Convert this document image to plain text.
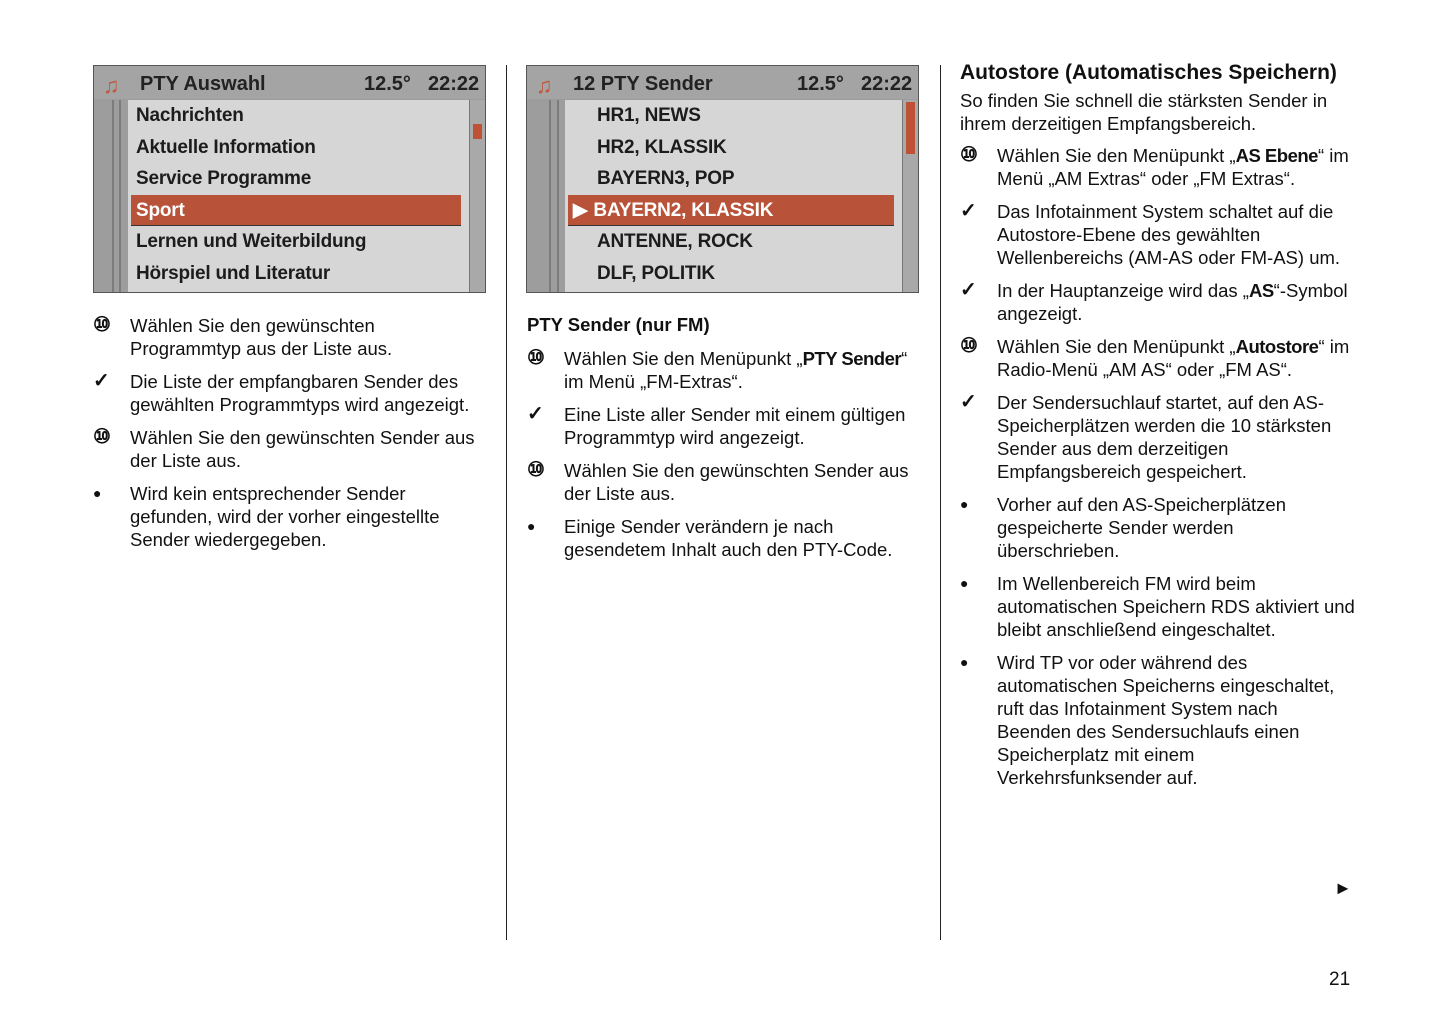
♫ PTY Auswahl	12.5° 22:22
Nachrichten
Aktuelle Information
Service Programme
Sport
Lernen und Weiterbildung
Hörspiel und Literatur
♫ 12 PTY Sender	12.5° 22:22
HR1, NEWS
HR2, KLASSIK
BAYERN3, POP
▶ BAYERN2, KLASSIK
ANTENNE, ROCK
DLF, POLITIK
⑩ Wählen Sie den gewünschten Programmtyp aus der Liste aus.
✓ Die Liste der empfangbaren Sender des gewählten Programmtyps wird angezeigt.
⑩ Wählen Sie den gewünschten Sender aus der Liste aus.
● Wird kein entsprechender Sender gefunden, wird der vorher eingestellte Sender wiedergegeben.
PTY Sender (nur FM)
⑩ Wählen Sie den Menüpunkt „PTY Sender“ im Menü „FM-Extras“.
✓ Eine Liste aller Sender mit einem gültigen Programmtyp wird angezeigt.
⑩ Wählen Sie den gewünschten Sender aus der Liste aus.
● Einige Sender verändern je nach gesendetem Inhalt auch den PTY-Code.
Autostore (Automatisches Speichern)
So finden Sie schnell die stärksten Sender in ihrem derzeitigen Empfangsbereich.
⑩ Wählen Sie den Menüpunkt „AS Ebene“ im Menü „AM Extras“ oder „FM Extras“.
✓ Das Infotainment System schaltet auf die Autostore-Ebene des gewählten Wellenbereichs (AM-AS oder FM-AS) um.
✓ In der Hauptanzeige wird das „AS“-Symbol angezeigt.
⑩ Wählen Sie den Menüpunkt „Autostore“ im Radio-Menü „AM AS“ oder „FM AS“.
✓ Der Sendersuchlauf startet, auf den AS-Speicherplätzen werden die 10 stärksten Sender aus dem derzeitigen Empfangsbereich gespeichert.
● Vorher auf den AS-Speicherplätzen gespeicherte Sender werden überschrieben.
● Im Wellenbereich FM wird beim automatischen Speichern RDS aktiviert und bleibt anschließend eingeschaltet.
● Wird TP vor oder während des automatischen Speicherns eingeschaltet, ruft das Infotainment System nach Beenden des Sendersuchlaufs einen Speicherplatz mit einem Verkehrsfunksender auf.
►
21
